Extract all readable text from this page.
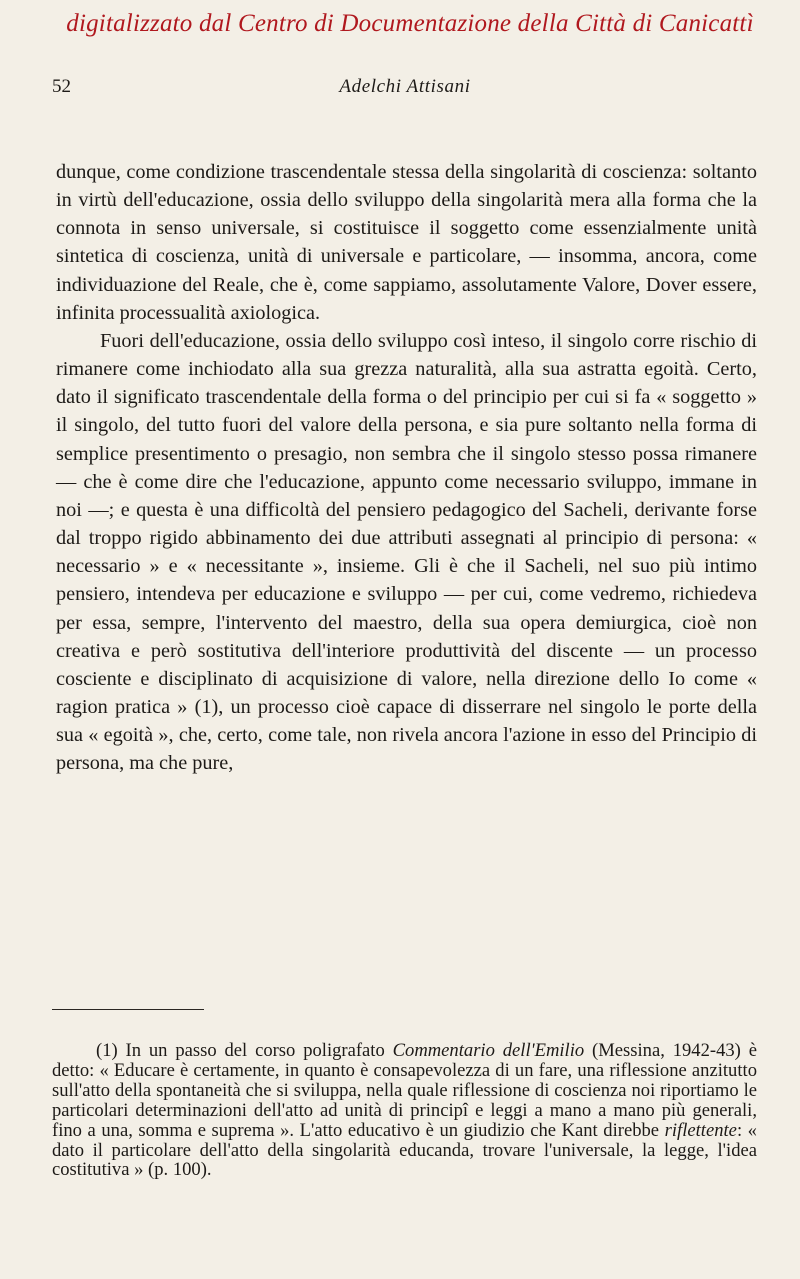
digitalizzato dal Centro di Documentazione della Città di Canicattì
52	Adelchi Attisani

dunque, come condizione trascendentale stessa della singolarità di coscienza: soltanto in virtù dell'educazione, ossia dello sviluppo della singolarità mera alla forma che la connota in senso universale, si costituisce il soggetto come essenzialmente unità sintetica di coscienza, unità di universale e particolare, — insomma, ancora, come individuazione del Reale, che è, come sappiamo, assolutamente Valore, Dover essere, infinita processualità axiologica.

Fuori dell'educazione, ossia dello sviluppo così inteso, il singolo corre rischio di rimanere come inchiodato alla sua grezza naturalità, alla sua astratta egoità. Certo, dato il significato trascendentale della forma o del principio per cui si fa « soggetto » il singolo, del tutto fuori del valore della persona, e sia pure soltanto nella forma di semplice presentimento o presagio, non sembra che il singolo stesso possa rimanere — che è come dire che l'educazione, appunto come necessario sviluppo, immane in noi —; e questa è una difficoltà del pensiero pedagogico del Sacheli, derivante forse dal troppo rigido abbinamento dei due attributi assegnati al principio di persona: « necessario » e « necessitante », insieme. Gli è che il Sacheli, nel suo più intimo pensiero, intendeva per educazione e sviluppo — per cui, come vedremo, richiedeva per essa, sempre, l'intervento del maestro, della sua opera demiurgica, cioè non creativa e però sostitutiva dell'interiore produttività del discente — un processo cosciente e disciplinato di acquisizione di valore, nella direzione dello Io come « ragion pratica » (1), un processo cioè capace di disserrare nel singolo le porte della sua « egoità », che, certo, come tale, non rivela ancora l'azione in esso del Principio di persona, ma che pure,

(1) In un passo del corso poligrafato Commentario dell'Emilio (Messina, 1942-43) è detto: « Educare è certamente, in quanto è consapevolezza di un fare, una riflessione anzitutto sull'atto della spontaneità che si sviluppa, nella quale riflessione di coscienza noi riportiamo le particolari determinazioni dell'atto ad unità di principî e leggi a mano a mano più generali, fino a una, somma e suprema ». L'atto educativo è un giudizio che Kant direbbe riflettente: « dato il particolare dell'atto della singolarità educanda, trovare l'universale, la legge, l'idea costitutiva » (p. 100).
